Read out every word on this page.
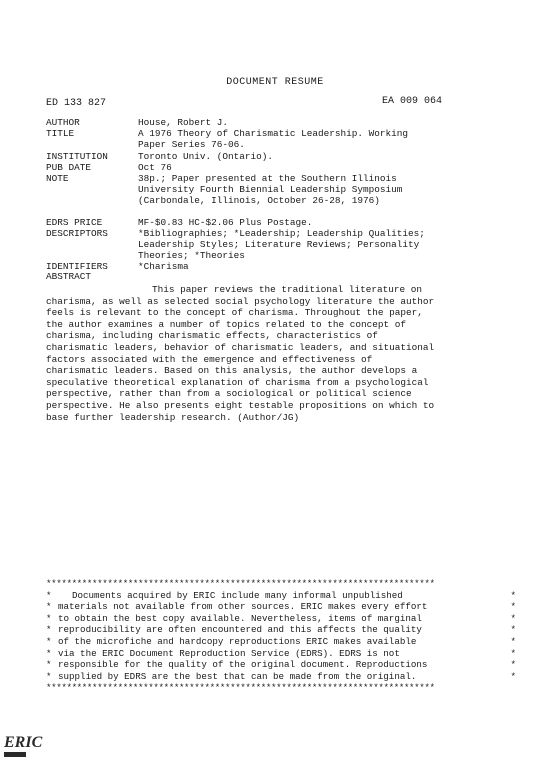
DOCUMENT RESUME
ED 133 827	EA 009 064
AUTHOR	House, Robert J.
TITLE	A 1976 Theory of Charismatic Leadership. Working
Paper Series 76-06.
INSTITUTION	Toronto Univ. (Ontario).
PUB DATE	Oct 76
NOTE	38p.; Paper presented at the Southern Illinois
University Fourth Biennial Leadership Symposium
(Carbondale, Illinois, October 26-28, 1976)
EDRS PRICE	MF-$0.83 HC-$2.06 Plus Postage.
DESCRIPTORS	*Bibliographies; *Leadership; Leadership Qualities;
Leadership Styles; Literature Reviews; Personality
Theories; *Theories
IDENTIFIERS	*Charisma
ABSTRACT
This paper reviews the traditional literature on
charisma, as well as selected social psychology literature the author
feels is relevant to the concept of charisma. Throughout the paper,
the author examines a number of topics related to the concept of
charisma, including charismatic effects, characteristics of
charismatic leaders, behavior of charismatic leaders, and situational
factors associated with the emergence and effectiveness of
charismatic leaders. Based on this analysis, the author develops a
speculative theoretical explanation of charisma from a psychological
perspective, rather than from a sociological or political science
perspective. He also presents eight testable propositions on which to
base further leadership research. (Author/JG)
****************************************************************************
*	Documents acquired by ERIC include many informal unpublished	*
* materials not available from other sources. ERIC makes every effort	*
* to obtain the best copy available. Nevertheless, items of marginal	*
* reproducibility are often encountered and this affects the quality	*
* of the microfiche and hardcopy reproductions ERIC makes available	*
* via the ERIC Document Reproduction Service (EDRS). EDRS is not	*
* responsible for the quality of the original document. Reproductions	*
* supplied by EDRS are the best that can be made from the original.	*
****************************************************************************
ERIC
